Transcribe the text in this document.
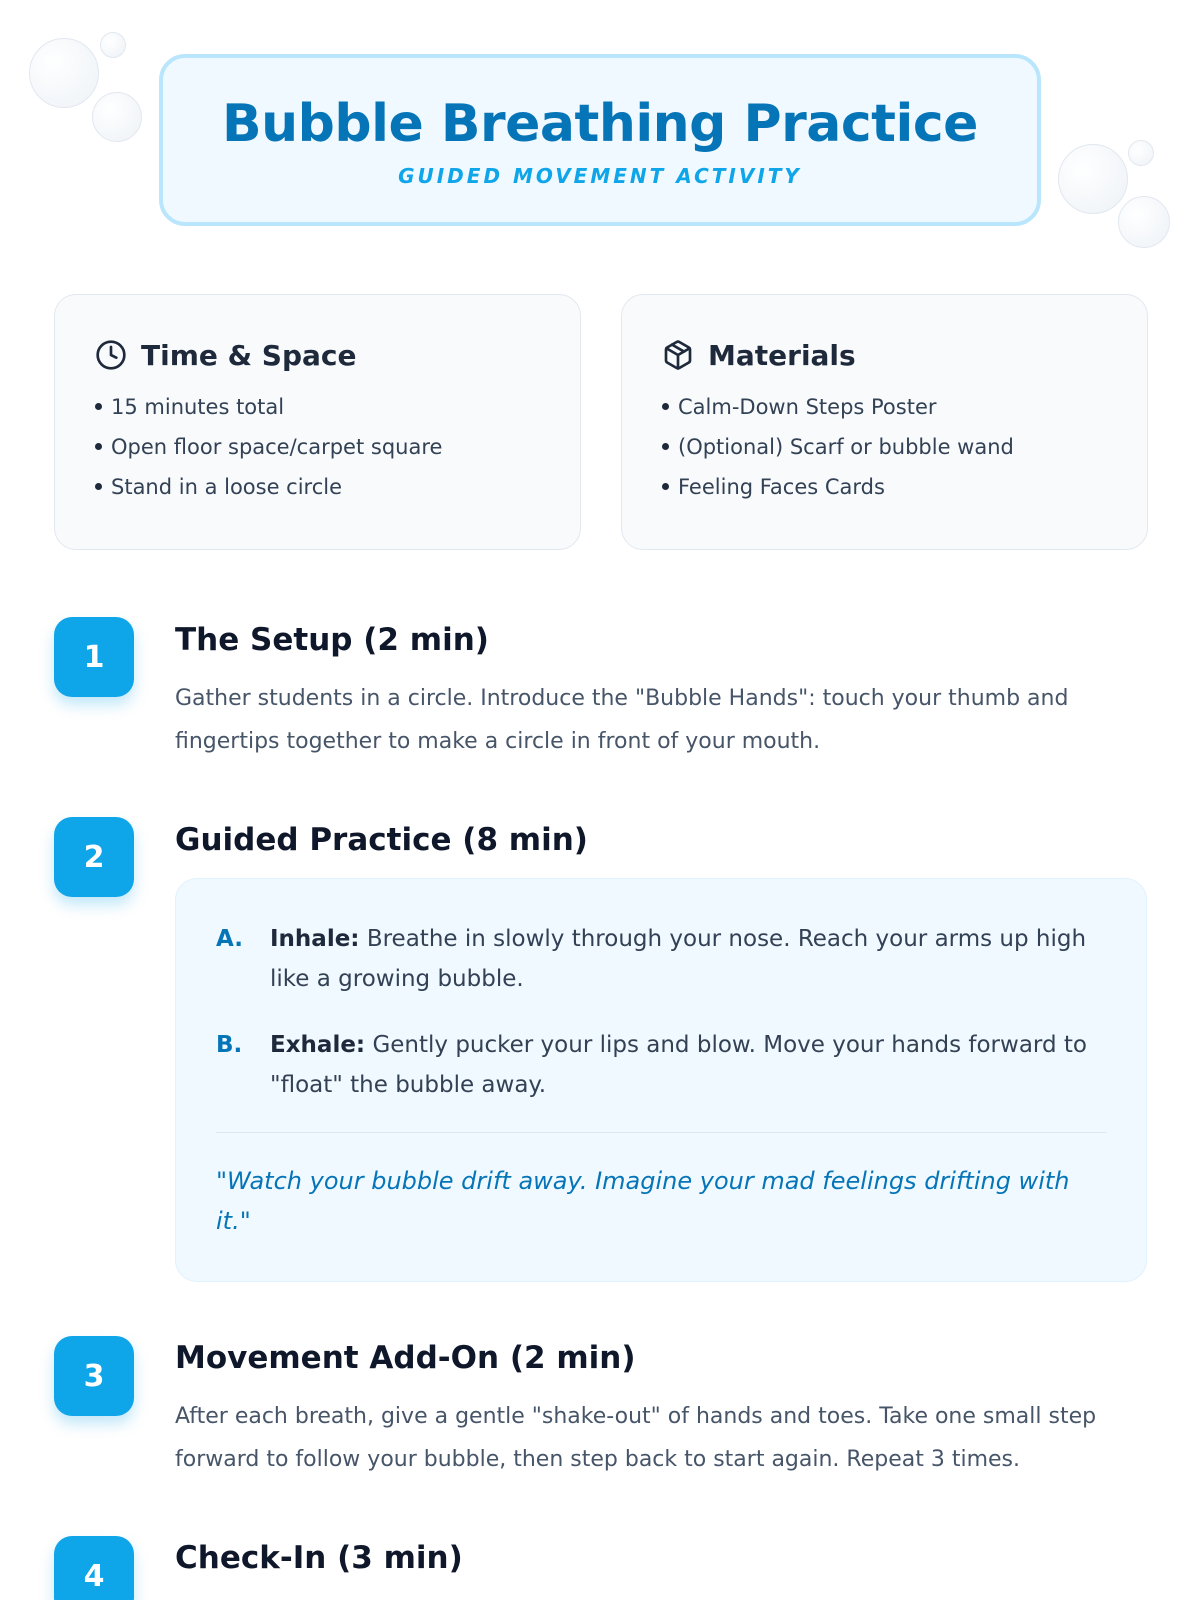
Bubble Breathing Practice
GUIDED MOVEMENT ACTIVITY
Time & Space
15 minutes total
Open floor space/carpet square
Stand in a loose circle
Materials
Calm-Down Steps Poster
(Optional) Scarf or bubble wand
Feeling Faces Cards
1	The Setup (2 min)
Gather students in a circle. Introduce the "Bubble Hands": touch your thumb and fingertips together to make a circle in front of your mouth.
2	Guided Practice (8 min)
A.	Inhale: Breathe in slowly through your nose. Reach your arms up high like a growing bubble.
B.	Exhale: Gently pucker your lips and blow. Move your hands forward to "float" the bubble away.
"Watch your bubble drift away. Imagine your mad feelings drifting with it."
3	Movement Add-On (2 min)
After each breath, give a gentle "shake-out" of hands and toes. Take one small step forward to follow your bubble, then step back to start again. Repeat 3 times.
4	Check-In (3 min)
